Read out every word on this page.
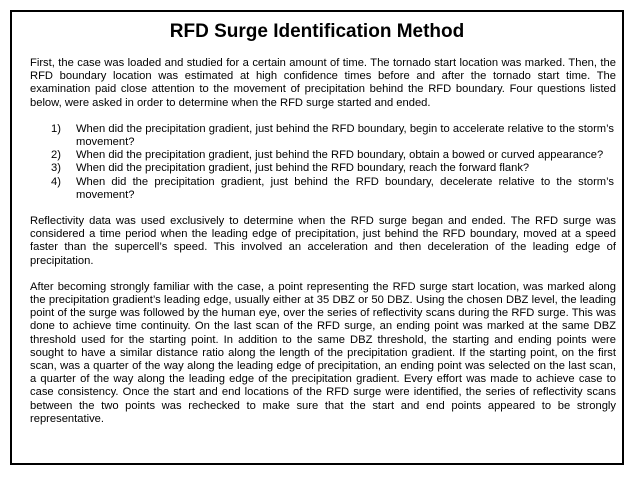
RFD Surge Identification Method

First, the case was loaded and studied for a certain amount of time. The tornado start location was marked. Then, the RFD boundary location was estimated at high confidence times before and after the tornado start time. The examination paid close attention to the movement of precipitation behind the RFD boundary. Four questions listed below, were asked in order to determine when the RFD surge started and ended.

1) When did the precipitation gradient, just behind the RFD boundary, begin to accelerate relative to the storm’s movement?
2) When did the precipitation gradient, just behind the RFD boundary, obtain a bowed or curved appearance?
3) When did the precipitation gradient, just behind the RFD boundary, reach the forward flank?
4) When did the precipitation gradient, just behind the RFD boundary, decelerate relative to the storm’s movement?

Reflectivity data was used exclusively to determine when the RFD surge began and ended. The RFD surge was considered a time period when the leading edge of precipitation, just behind the RFD boundary, moved at a speed faster than the supercell’s speed. This involved an acceleration and then deceleration of the leading edge of precipitation.

After becoming strongly familiar with the case, a point representing the RFD surge start location, was marked along the precipitation gradient’s leading edge, usually either at 35 DBZ or 50 DBZ. Using the chosen DBZ level, the leading point of the surge was followed by the human eye, over the series of reflectivity scans during the RFD surge. This was done to achieve time continuity. On the last scan of the RFD surge, an ending point was marked at the same DBZ threshold used for the starting point. In addition to the same DBZ threshold, the starting and ending points were sought to have a similar distance ratio along the length of the precipitation gradient. If the starting point, on the first scan, was a quarter of the way along the leading edge of precipitation, an ending point was selected on the last scan, a quarter of the way along the leading edge of the precipitation gradient. Every effort was made to achieve case to case consistency. Once the start and end locations of the RFD surge were identified, the series of reflectivity scans between the two points was rechecked to make sure that the start and end points appeared to be strongly representative.
